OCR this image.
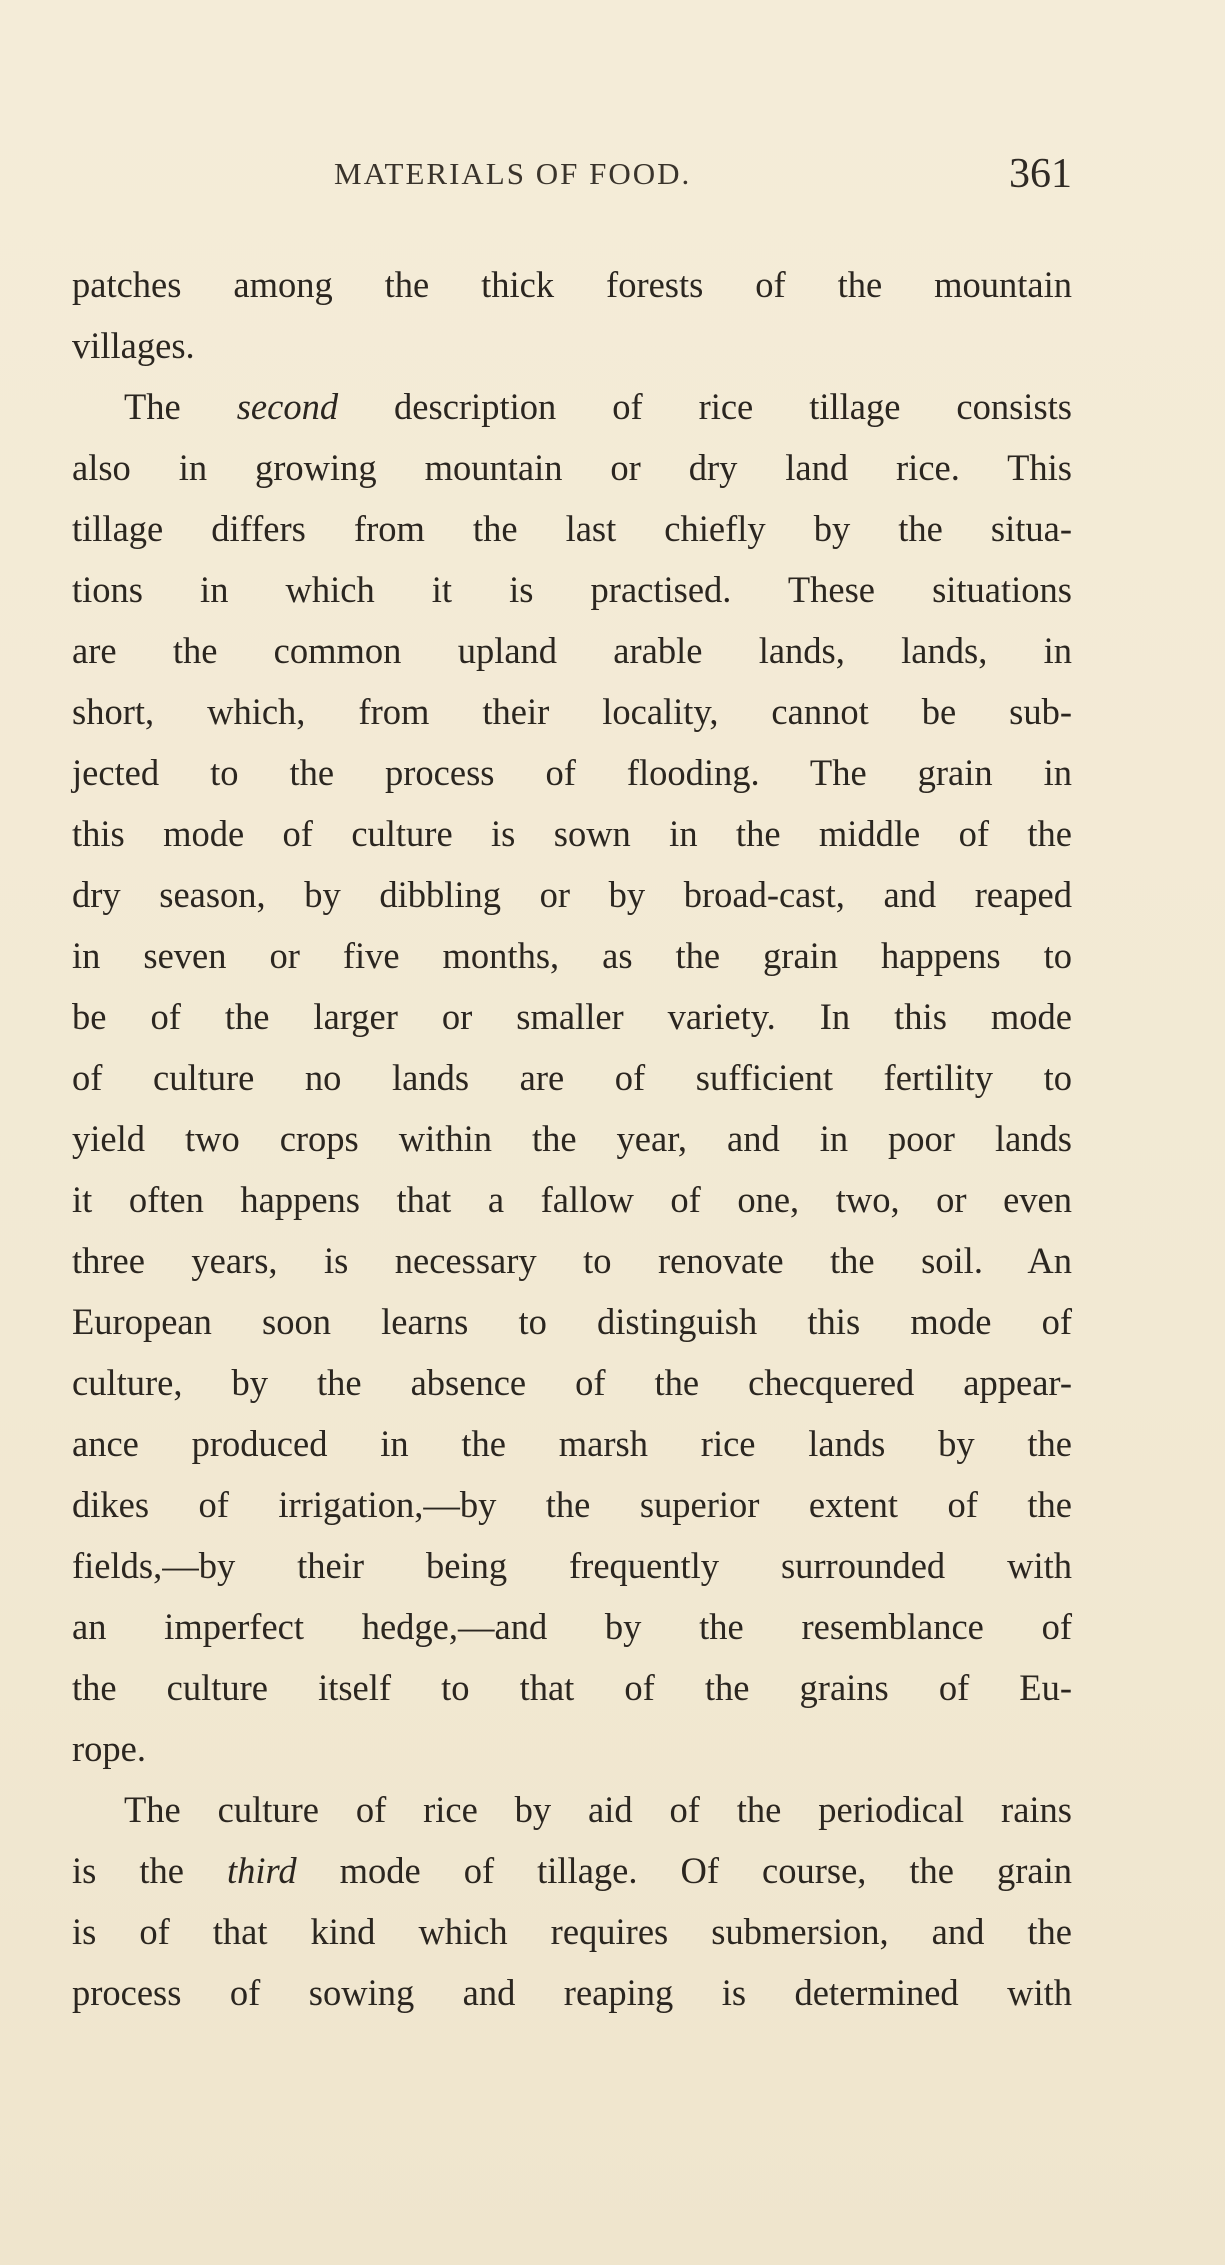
MATERIALS OF FOOD.	361
patches among the thick forests of the mountain
villages.
The second description of rice tillage consists
also in growing mountain or dry land rice. This
tillage differs from the last chiefly by the situa-
tions in which it is practised. These situations
are the common upland arable lands, lands, in
short, which, from their locality, cannot be sub-
jected to the process of flooding. The grain in
this mode of culture is sown in the middle of the
dry season, by dibbling or by broad-cast, and reaped
in seven or five months, as the grain happens to
be of the larger or smaller variety. In this mode
of culture no lands are of sufficient fertility to
yield two crops within the year, and in poor lands
it often happens that a fallow of one, two, or even
three years, is necessary to renovate the soil. An
European soon learns to distinguish this mode of
culture, by the absence of the checquered appear-
ance produced in the marsh rice lands by the
dikes of irrigation,—by the superior extent of the
fields,—by their being frequently surrounded with
an imperfect hedge,—and by the resemblance of
the culture itself to that of the grains of Eu-
rope.
The culture of rice by aid of the periodical rains
is the third mode of tillage. Of course, the grain
is of that kind which requires submersion, and the
process of sowing and reaping is determined with
